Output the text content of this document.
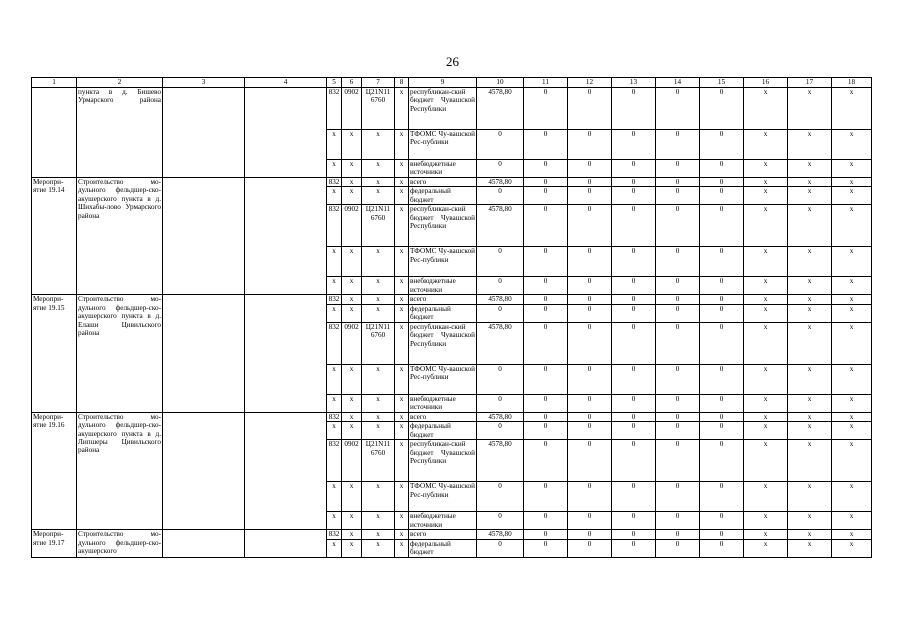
26
1	2	3	4	5	6	7	8	9	10	11	12	13	14	15	16	17	18
	пункта в д. Бишево Урмарского района			832	0902	Ц21N11 6760	x	республикан-ский бюджет Чувашской Республики	4578,80	0	0	0	0	0	x	x	x
				x	x	x	x	ТФОМС Чу-вашской Рес-публики	0	0	0	0	0	0	x	x	x
				x	x	x	x	внебюджетные источники	0	0	0	0	0	0	x	x	x
Меропри-ятие 19.14	Строительство мо-дульного фельдшер-ско-акушерского пункта в д. Шихабы-лово Урмарского района			832	x	x	x	всего	4578,80	0	0	0	0	0	x	x	x
				x	x	x	x	федеральный бюджет	0	0	0	0	0	0	x	x	x
				832	0902	Ц21N11 6760	x	республикан-ский бюджет Чувашской Республики	4578,80	0	0	0	0	0	x	x	x
				x	x	x	x	ТФОМС Чу-вашской Рес-публики	0	0	0	0	0	0	x	x	x
				x	x	x	x	внебюджетные источники	0	0	0	0	0	0	x	x	x
Меропри-ятие 19.15	Строительство мо-дульного фельдшер-ско-акушерского пункта в д. Елаши Цивильского района			832	x	x	x	всего	4578,80	0	0	0	0	0	x	x	x
				x	x	x	x	федеральный бюджет	0	0	0	0	0	0	x	x	x
				832	0902	Ц21N11 6760	x	республикан-ский бюджет Чувашской Республики	4578,80	0	0	0	0	0	x	x	x
				x	x	x	x	ТФОМС Чу-вашской Рес-публики	0	0	0	0	0	0	x	x	x
				x	x	x	x	внебюджетные источники	0	0	0	0	0	0	x	x	x
Меропри-ятие 19.16	Строительство мо-дульного фельдшер-ско-акушерского пункта в д. Липшеры Цивильского района			832	x	x	x	всего	4578,80	0	0	0	0	0	x	x	x
				x	x	x	x	федеральный бюджет	0	0	0	0	0	0	x	x	x
				832	0902	Ц21N11 6760	x	республикан-ский бюджет Чувашской Республики	4578,80	0	0	0	0	0	x	x	x
				x	x	x	x	ТФОМС Чу-вашской Рес-публики	0	0	0	0	0	0	x	x	x
				x	x	x	x	внебюджетные источники	0	0	0	0	0	0	x	x	x
Меропри-ятие 19.17	Строительство мо-дульного фельдшер-ско-акушерского			832	x	x	x	всего	4578,80	0	0	0	0	0	x	x	x
				x	x	x	x	федеральный бюджет	0	0	0	0	0	0	x	x	x
